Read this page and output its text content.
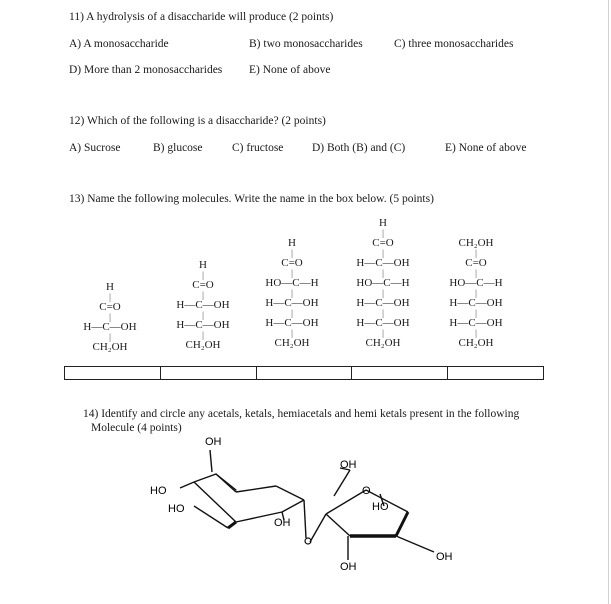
11) A hydrolysis of a disaccharide will produce (2 points)
A) A monosaccharide	B) two monosaccharides	C) three monosaccharides
D) More than 2 monosaccharides E) None of above
12) Which of the following is a disaccharide? (2 points)
A) Sucrose	B) glucose	C) fructose D) Both (B) and (C)	E) None of above
13) Name the following molecules. Write the name in the box below. (5 points)
H
|
C=O
|
H—C—OH
|
CH₂OH
H
|
C=O
|
H—C—OH
|
H—C—OH
|
CH₂OH
H
|
C=O
|
HO—C—H
|
H—C—OH
|
H—C—OH
|
CH₂OH
H
|
C=O
|
H—C—OH
|
HO—C—H
|
H—C—OH
|
H—C—OH
|
CH₂OH
CH₂OH
|
C=O
|
HO—C—H
|
H—C—OH
|
H—C—OH
|
CH₂OH
14) Identify and circle any acetals, ketals, hemiacetals and hemi ketals present in the following
Molecule (4 points)
OH
HO
HO
OH
OH
O
HO
OH
OH
